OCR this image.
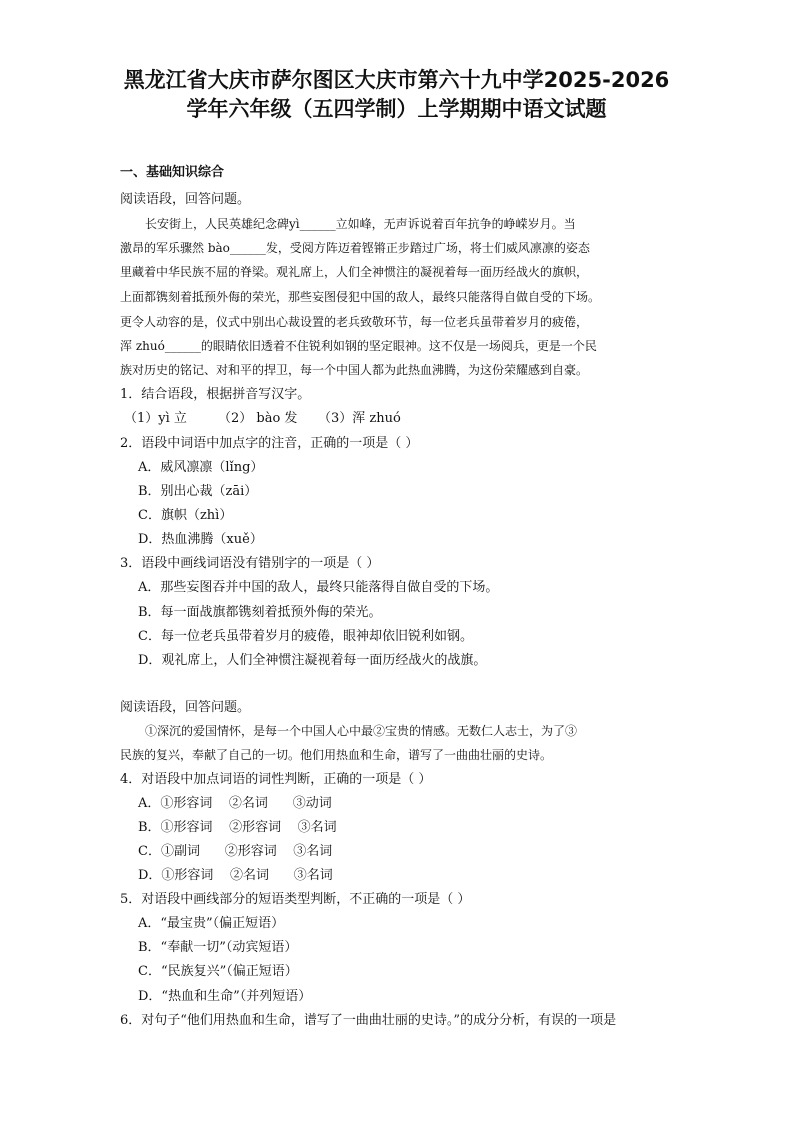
黑龙江省大庆市萨尔图区大庆市第六十九中学2025-2026
学年六年级（五四学制）上学期期中语文试题
一、基础知识综合
阅读语段，回答问题。
长安街上，人民英雄纪念碑yì______立如峰，无声诉说着百年抗争的峥嵘岁月。当
激昂的军乐骤然 bào______发，受阅方阵迈着铿锵正步踏过广场，将士们威风凛凛的姿态
里藏着中华民族不屈的脊梁。观礼席上，人们全神惯注的凝视着每一面历经战火的旗帜，
上面都镌刻着抵预外侮的荣光，那些妄图侵犯中国的敌人，最终只能落得自做自受的下场。
更令人动容的是，仪式中别出心裁设置的老兵致敬环节，每一位老兵虽带着岁月的疲倦，
浑 zhuó______的眼睛依旧透着不住锐利如钢的坚定眼神。这不仅是一场阅兵，更是一个民
族对历史的铭记、对和平的捍卫，每一个中国人都为此热血沸腾，为这份荣耀感到自豪。
1．结合语段，根据拼音写汉字。
（1）yì 立 （2） bào 发 （3）浑 zhuó
2．语段中词语中加点字的注音，正确的一项是（ ）
A．威风凛凛（lǐng）
B．别出心裁（zāi）
C．旗帜（zhì）
D．热血沸腾（xuě）
3．语段中画线词语没有错别字的一项是（ ）
A．那些妄图吞并中国的敌人，最终只能落得自做自受的下场。
B．每一面战旗都镌刻着抵预外侮的荣光。
C．每一位老兵虽带着岁月的疲倦，眼神却依旧锐利如钢。
D．观礼席上，人们全神惯注凝视着每一面历经战火的战旗。
阅读语段，回答问题。
①深沉的爱国情怀，是每一个中国人心中最②宝贵的情感。无数仁人志士，为了③
民族的复兴，奉献了自己的一切。他们用热血和生命，谱写了一曲曲壮丽的史诗。
4．对语段中加点词语的词性判断，正确的一项是（ ）
A．①形容词    ②名词      ③动词
B．①形容词    ②形容词    ③名词
C．①副词      ②形容词    ③名词
D．①形容词    ②名词      ③名词
5．对语段中画线部分的短语类型判断，不正确的一项是（ ）
A．“最宝贵”（偏正短语）
B．“奉献一切”（动宾短语）
C．“民族复兴”（偏正短语）
D．“热血和生命”（并列短语）
6．对句子“他们用热血和生命，谱写了一曲曲壮丽的史诗。”的成分分析，有误的一项是
